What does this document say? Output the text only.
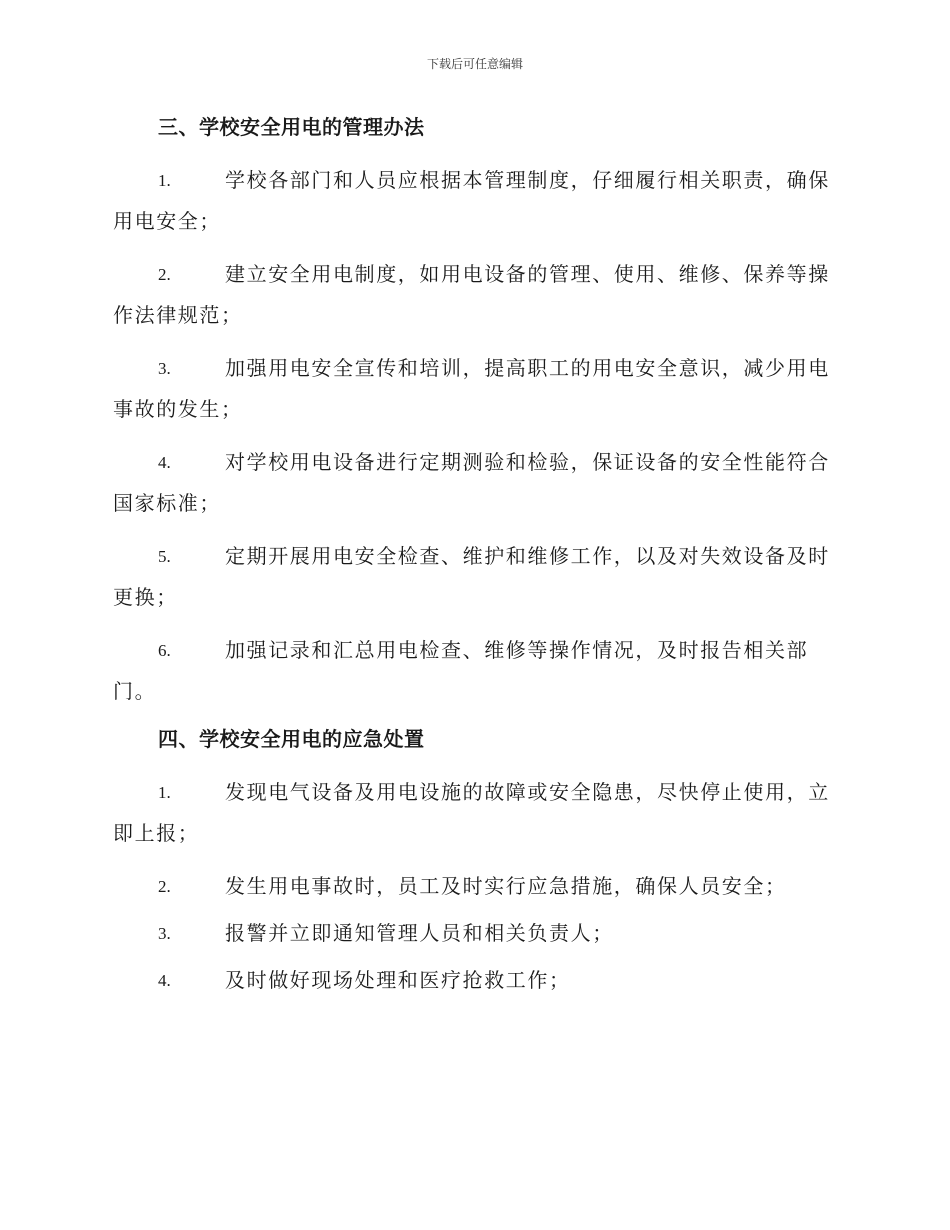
下载后可任意编辑
三、学校安全用电的管理办法

1.	学校各部门和人员应根据本管理制度，仔细履行相关职责，确保用电安全；

2.	建立安全用电制度，如用电设备的管理、使用、维修、保养等操作法律规范；

3.	加强用电安全宣传和培训，提高职工的用电安全意识，减少用电事故的发生；

4.	对学校用电设备进行定期测验和检验，保证设备的安全性能符合国家标准；

5.	定期开展用电安全检查、维护和维修工作，以及对失效设备及时更换；

6.	加强记录和汇总用电检查、维修等操作情况，及时报告相关部门。

四、学校安全用电的应急处置

1.	发现电气设备及用电设施的故障或安全隐患，尽快停止使用，立即上报；

2.	发生用电事故时，员工及时实行应急措施，确保人员安全；

3.	报警并立即通知管理人员和相关负责人；

4.	及时做好现场处理和医疗抢救工作；
